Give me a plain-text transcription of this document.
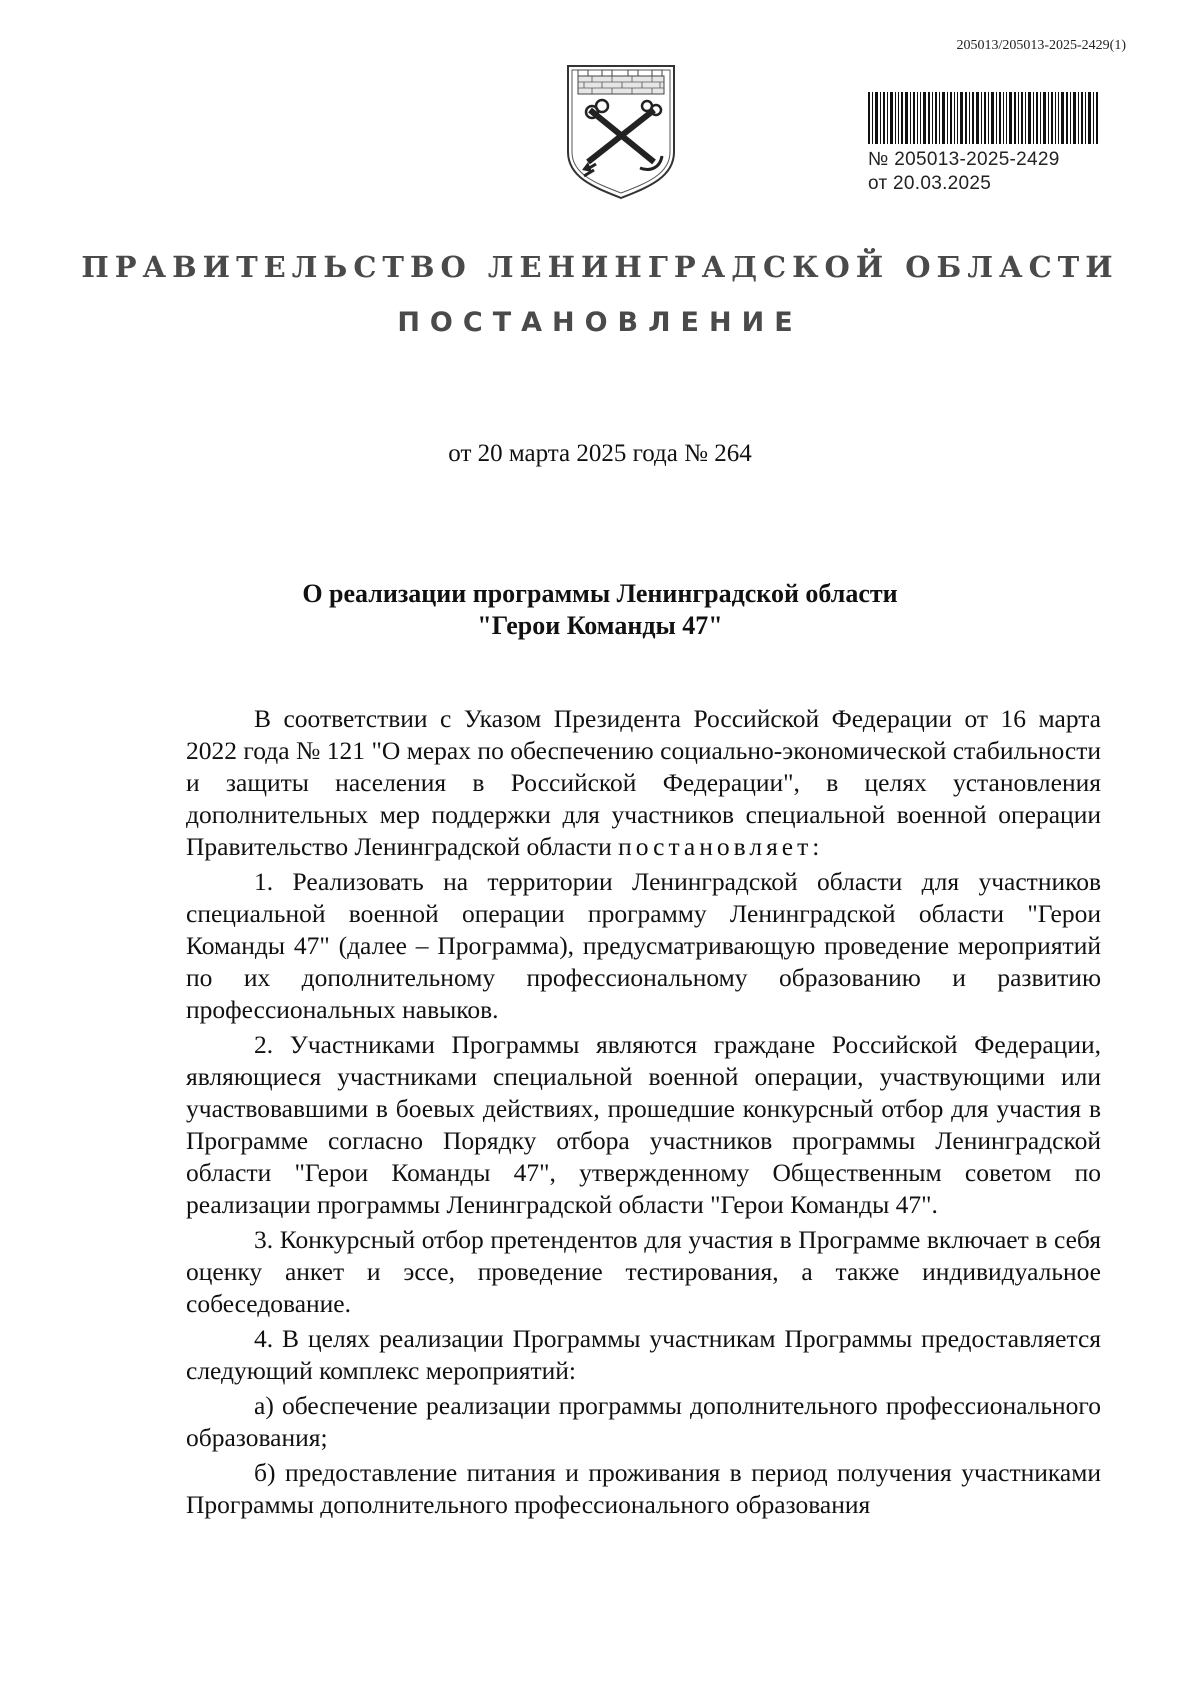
205013/205013-2025-2429(1)
№ 205013-2025-2429
от 20.03.2025
ПРАВИТЕЛЬСТВО ЛЕНИНГРАДСКОЙ ОБЛАСТИ
ПОСТАНОВЛЕНИЕ
от 20 марта 2025 года № 264
О реализации программы Ленинградской области
"Герои Команды 47"

В соответствии с Указом Президента Российской Федерации от 16 марта 2022 года № 121 "О мерах по обеспечению социально-экономической стабильности и защиты населения в Российской Федерации", в целях установления дополнительных мер поддержки для участников специальной военной операции Правительство Ленинградской области постановляет:

1. Реализовать на территории Ленинградской области для участников специальной военной операции программу Ленинградской области "Герои Команды 47" (далее – Программа), предусматривающую проведение мероприятий по их дополнительному профессиональному образованию и развитию профессиональных навыков.

2. Участниками Программы являются граждане Российской Федерации, являющиеся участниками специальной военной операции, участвующими или участвовавшими в боевых действиях, прошедшие конкурсный отбор для участия в Программе согласно Порядку отбора участников программы Ленинградской области "Герои Команды 47", утвержденному Общественным советом по реализации программы Ленинградской области "Герои Команды 47".

3. Конкурсный отбор претендентов для участия в Программе включает в себя оценку анкет и эссе, проведение тестирования, а также индивидуальное собеседование.

4. В целях реализации Программы участникам Программы предоставляется следующий комплекс мероприятий:

а) обеспечение реализации программы дополнительного профессионального образования;

б) предоставление питания и проживания в период получения участниками Программы дополнительного профессионального образования
